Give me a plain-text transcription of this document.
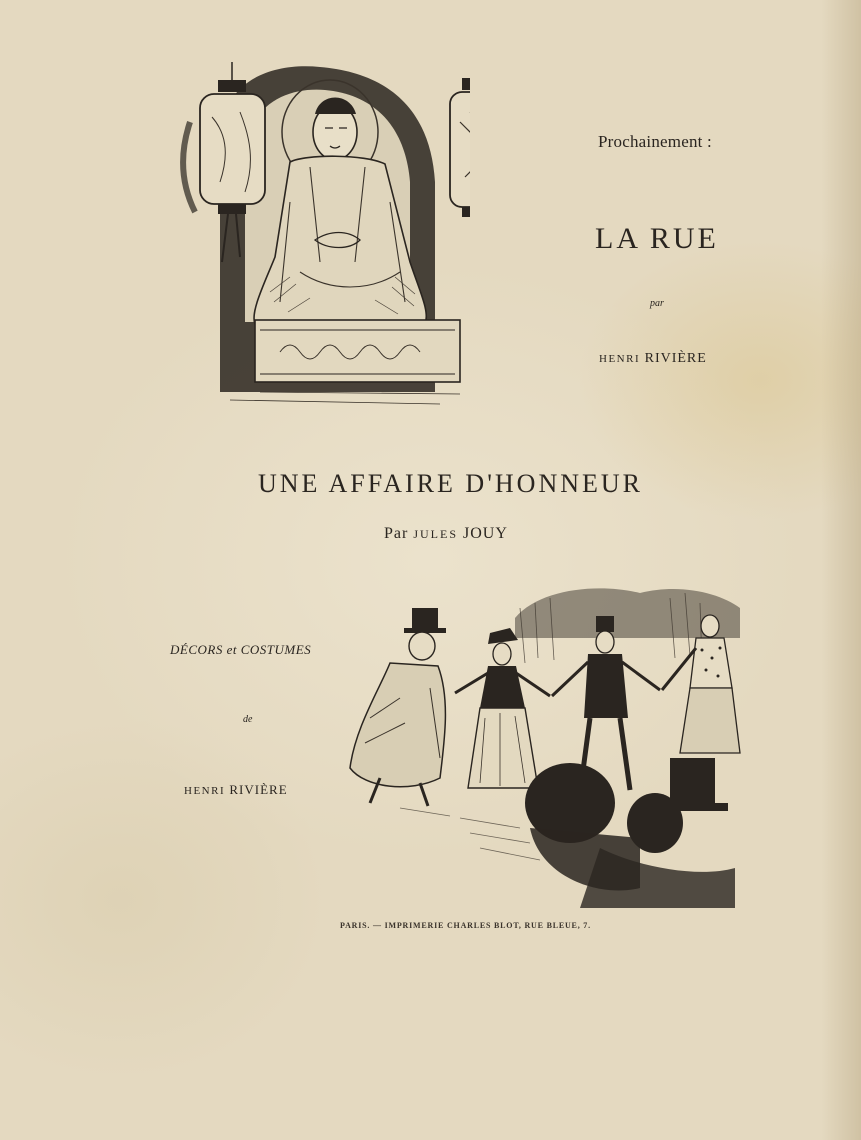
Prochainement :
LA RUE
par
HENRI RIVIÈRE
UNE AFFAIRE D'HONNEUR
Par JULES JOUY
DÉCORS et COSTUMES
de
HENRI RIVIÈRE
PARIS. — IMPRIMERIE CHARLES BLOT, RUE BLEUE, 7.
